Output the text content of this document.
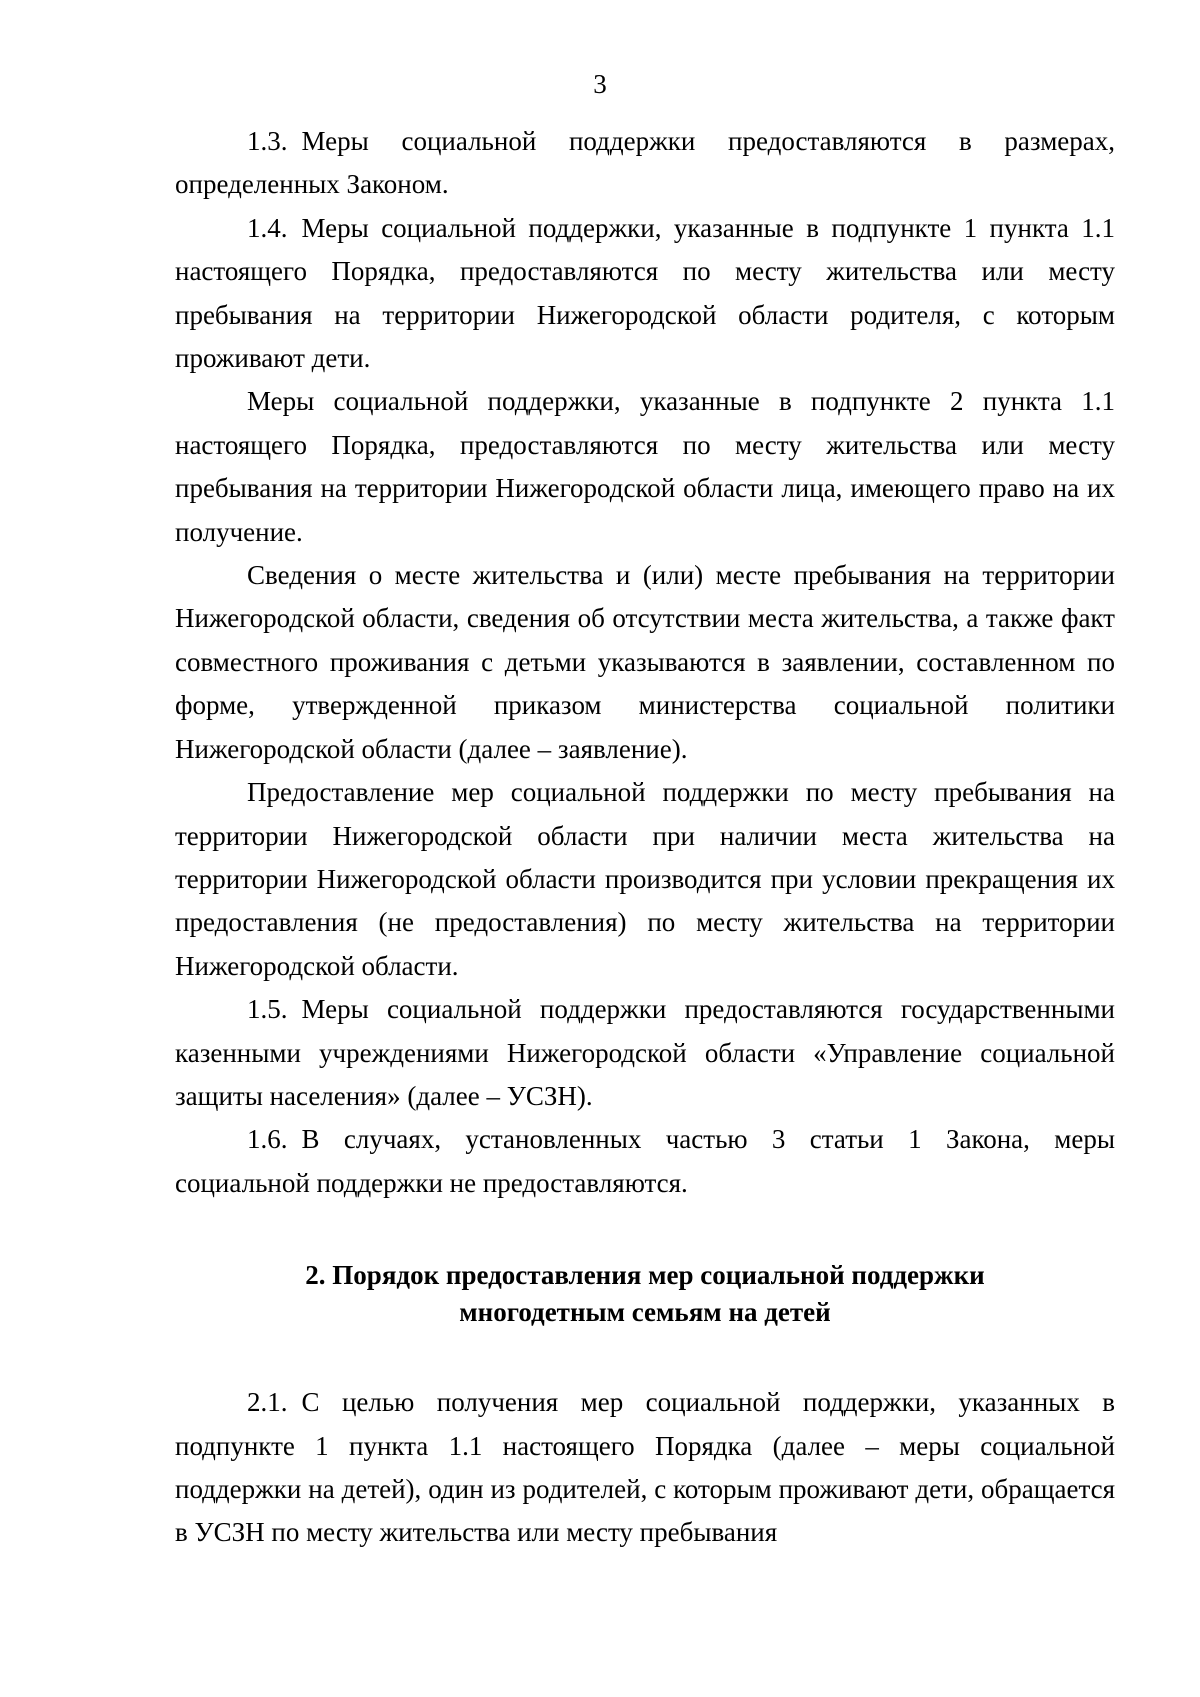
3

1.3. Меры социальной поддержки предоставляются в размерах, определенных Законом.

1.4. Меры социальной поддержки, указанные в подпункте 1 пункта 1.1 настоящего Порядка, предоставляются по месту жительства или месту пребывания на территории Нижегородской области родителя, с которым проживают дети.

Меры социальной поддержки, указанные в подпункте 2 пункта 1.1 настоящего Порядка, предоставляются по месту жительства или месту пребывания на территории Нижегородской области лица, имеющего право на их получение.

Сведения о месте жительства и (или) месте пребывания на территории Нижегородской области, сведения об отсутствии места жительства, а также факт совместного проживания с детьми указываются в заявлении, составленном по форме, утвержденной приказом министерства социальной политики Нижегородской области (далее – заявление).

Предоставление мер социальной поддержки по месту пребывания на территории Нижегородской области при наличии места жительства на территории Нижегородской области производится при условии прекращения их предоставления (не предоставления) по месту жительства на территории Нижегородской области.

1.5. Меры социальной поддержки предоставляются государственными казенными учреждениями Нижегородской области «Управление социальной защиты населения» (далее – УСЗН).

1.6. В случаях, установленных частью 3 статьи 1 Закона, меры социальной поддержки не предоставляются.

2. Порядок предоставления мер социальной поддержки
многодетным семьям на детей

2.1. С целью получения мер социальной поддержки, указанных в подпункте 1 пункта 1.1 настоящего Порядка (далее – меры социальной поддержки на детей), один из родителей, с которым проживают дети, обращается в УСЗН по месту жительства или месту пребывания
